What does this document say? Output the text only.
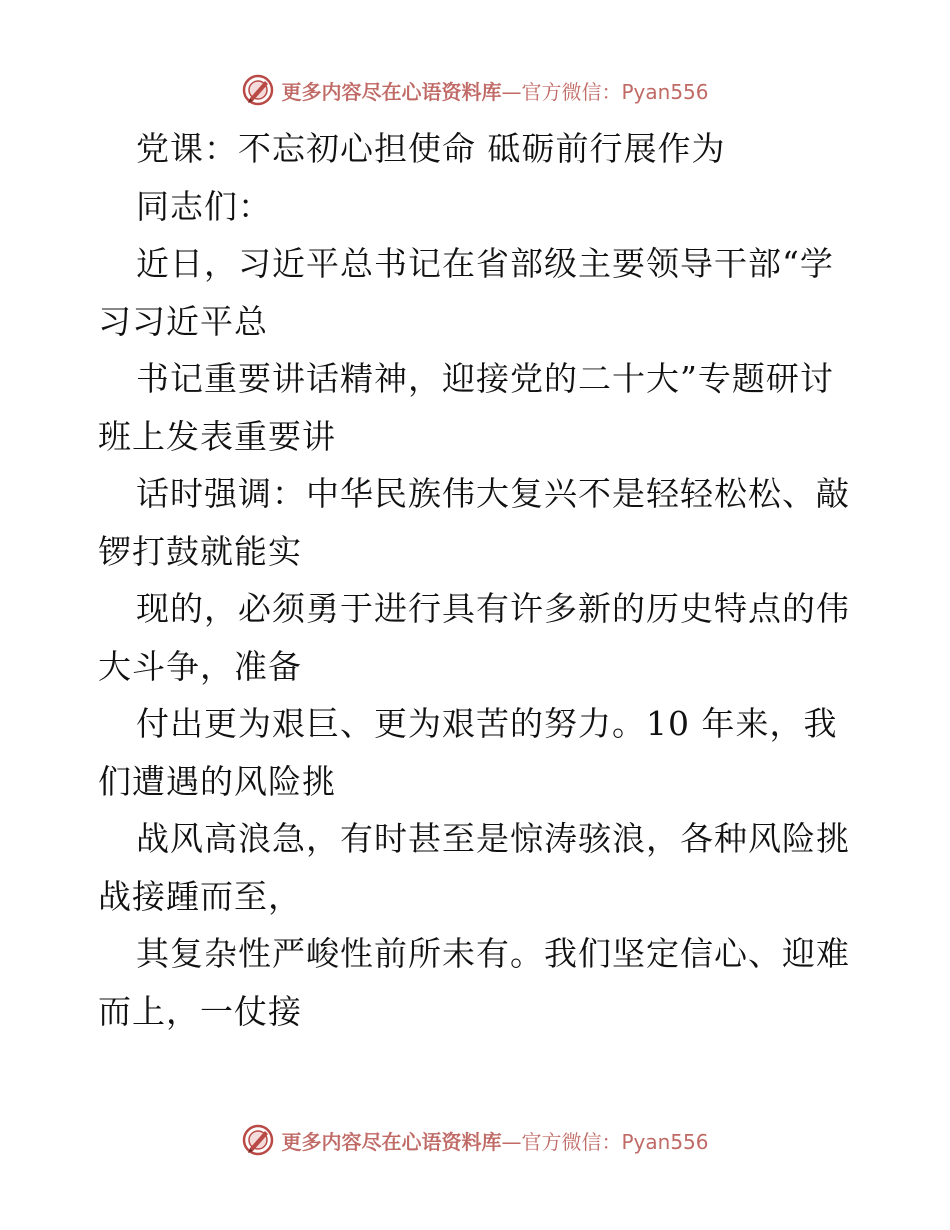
更多内容尽在心语资料库—官方微信：Pyan556
党课：不忘初心担使命 砥砺前行展作为
同志们：
近日，习近平总书记在省部级主要领导干部“学
习习近平总
书记重要讲话精神，迎接党的二十大”专题研讨
班上发表重要讲
话时强调：中华民族伟大复兴不是轻轻松松、敲
锣打鼓就能实
现的，必须勇于进行具有许多新的历史特点的伟
大斗争，准备
付出更为艰巨、更为艰苦的努力。10 年来，我
们遭遇的风险挑
战风高浪急，有时甚至是惊涛骇浪，各种风险挑
战接踵而至，
其复杂性严峻性前所未有。我们坚定信心、迎难
而上，一仗接
更多内容尽在心语资料库—官方微信：Pyan556
